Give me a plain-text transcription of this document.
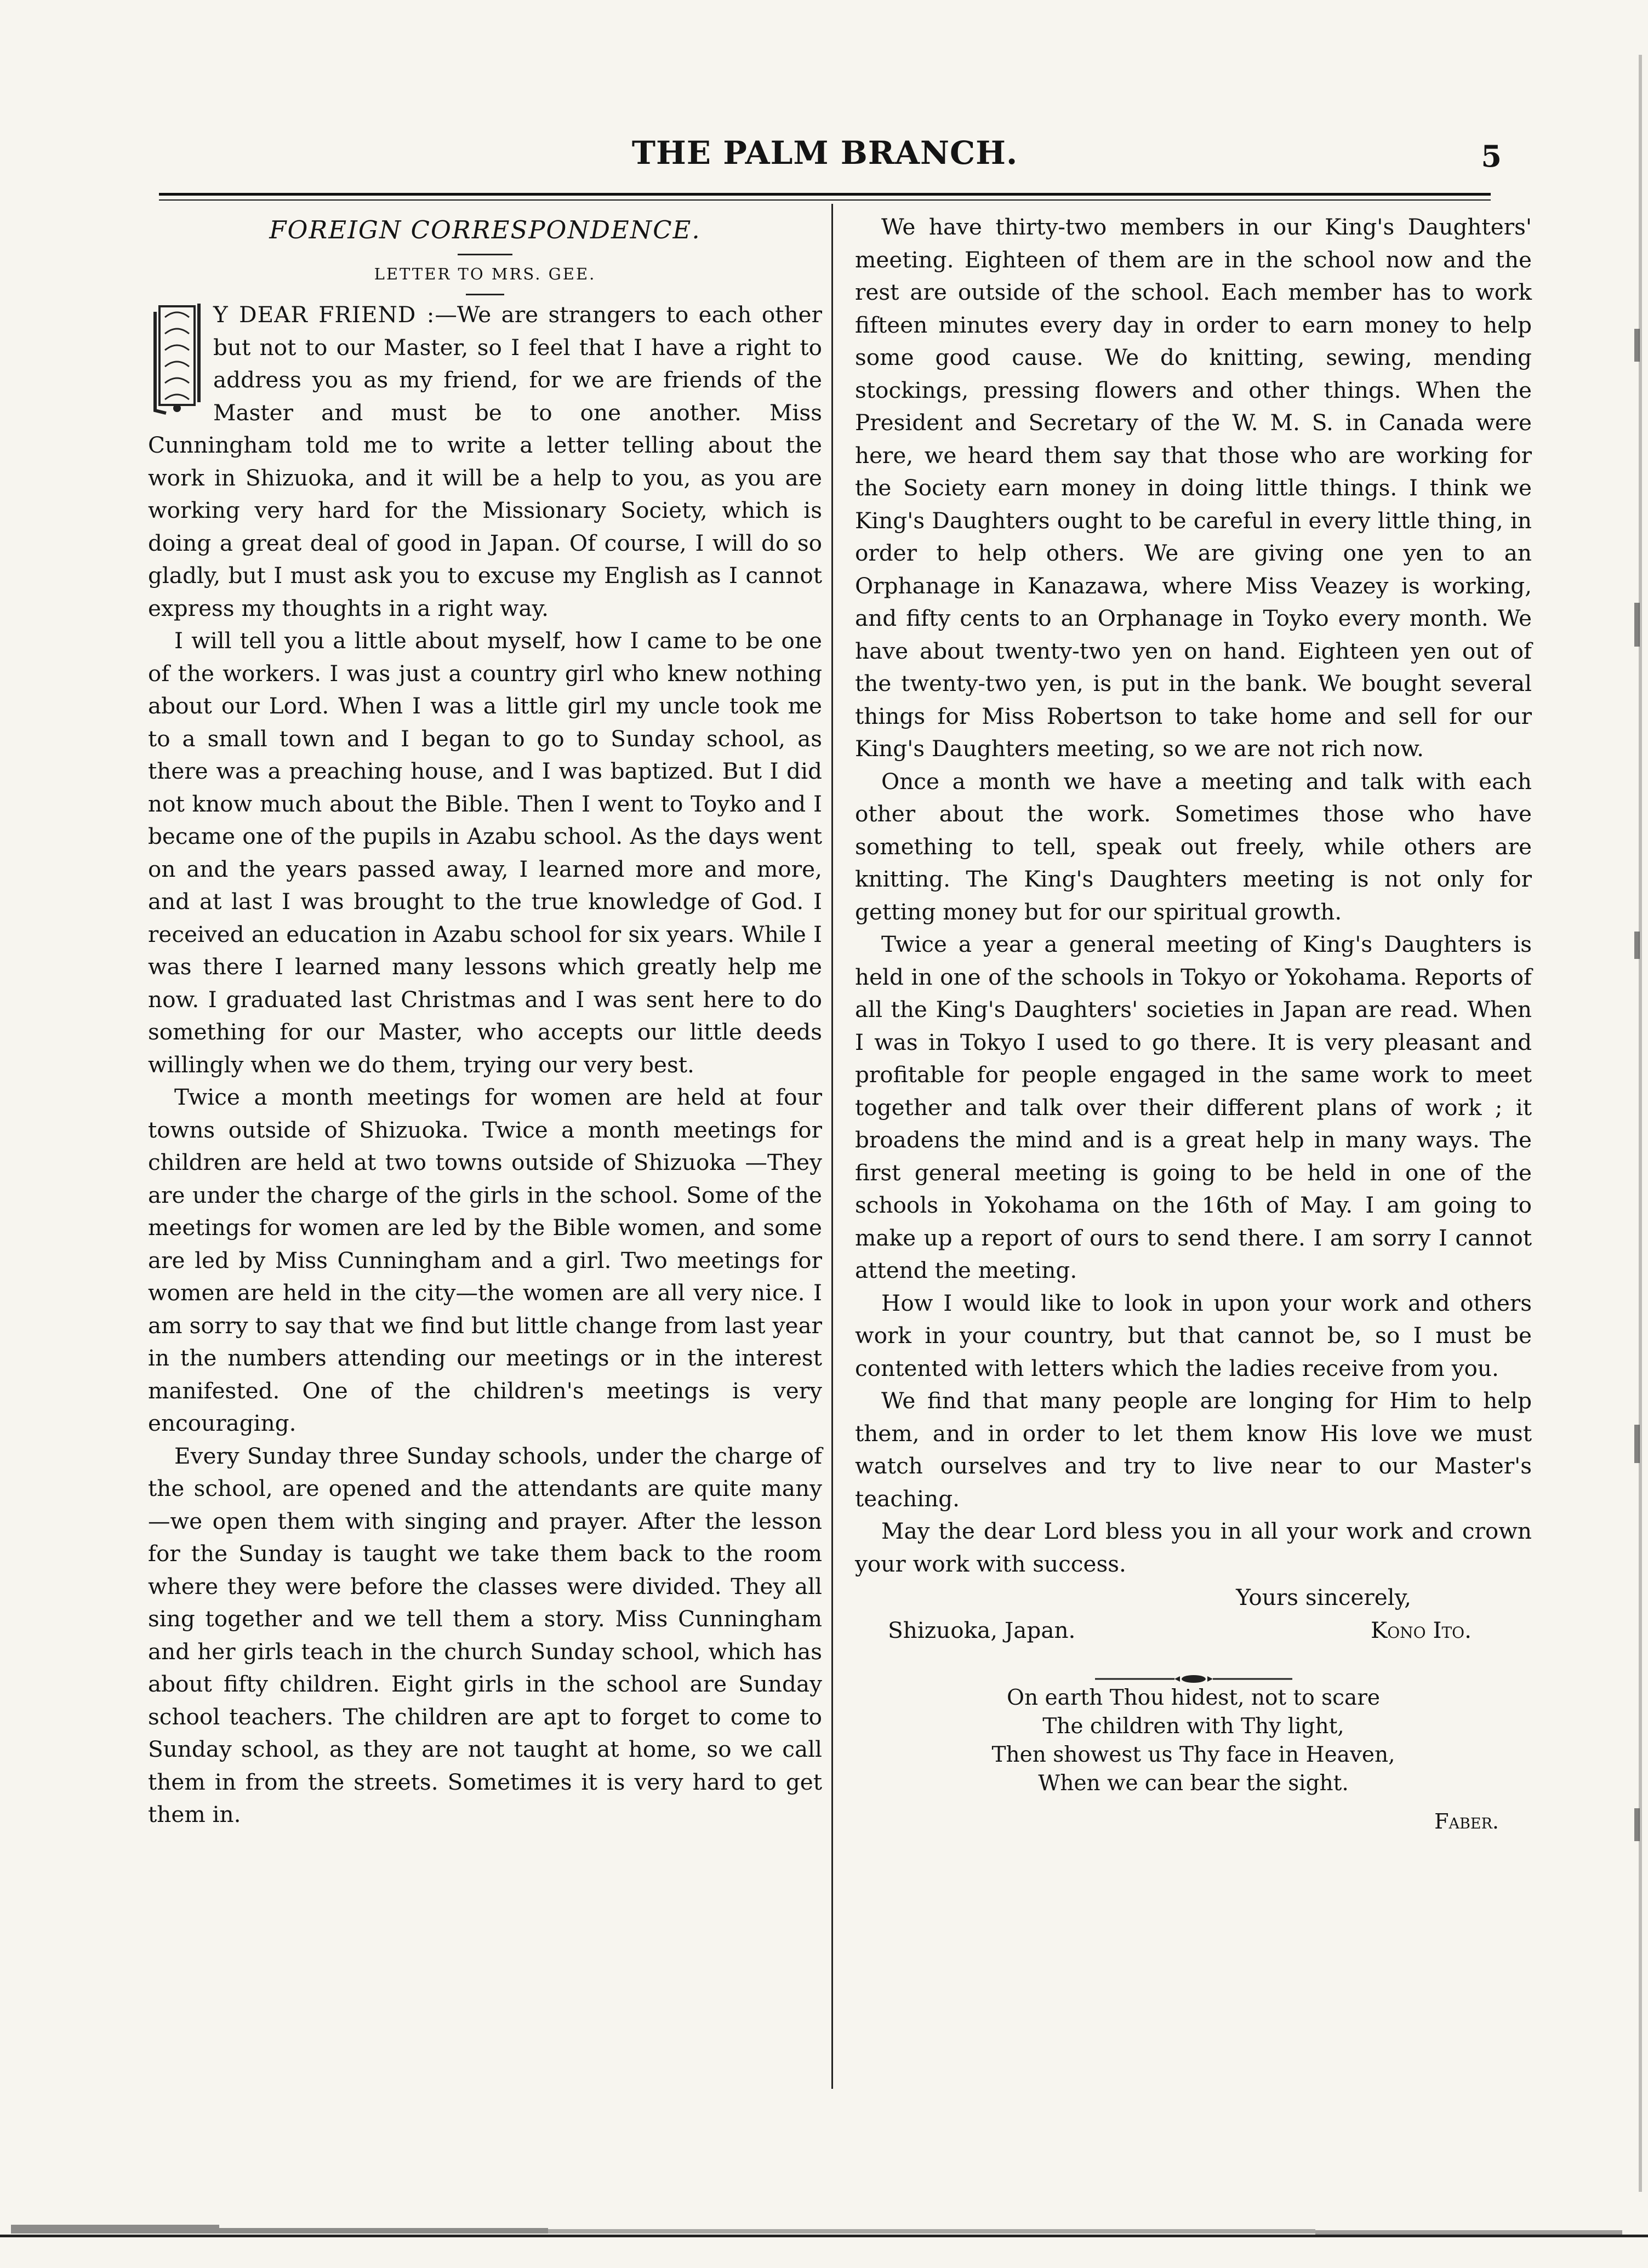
THE PALM BRANCH.	5
FOREIGN CORRESPONDENCE.
LETTER TO MRS. GEE.

Y DEAR FRIEND :—We are strangers to each other but not to our Master, so I feel that I have a right to address you as my friend, for we are friends of the Master and must be to one another. Miss Cunningham told me to write a letter telling about the work in Shizuoka, and it will be a help to you, as you are working very hard for the Missionary Society, which is doing a great deal of good in Japan. Of course, I will do so gladly, but I must ask you to excuse my English as I cannot express my thoughts in a right way.

I will tell you a little about myself, how I came to be one of the workers. I was just a country girl who knew nothing about our Lord. When I was a little girl my uncle took me to a small town and I began to go to Sunday school, as there was a preaching house, and I was baptized. But I did not know much about the Bible. Then I went to Toyko and I became one of the pupils in Azabu school. As the days went on and the years passed away, I learned more and more, and at last I was brought to the true knowledge of God. I received an education in Azabu school for six years. While I was there I learned many lessons which greatly help me now. I graduated last Christmas and I was sent here to do something for our Master, who accepts our little deeds willingly when we do them, trying our very best.

Twice a month meetings for women are held at four towns outside of Shizuoka. Twice a month meetings for children are held at two towns outside of Shizuoka —They are under the charge of the girls in the school. Some of the meetings for women are led by the Bible women, and some are led by Miss Cunningham and a girl. Two meetings for women are held in the city—the women are all very nice. I am sorry to say that we find but little change from last year in the numbers attending our meetings or in the interest manifested. One of the children's meetings is very encouraging.

Every Sunday three Sunday schools, under the charge of the school, are opened and the attendants are quite many—we open them with singing and prayer. After the lesson for the Sunday is taught we take them back to the room where they were before the classes were divided. They all sing together and we tell them a story. Miss Cunningham and her girls teach in the church Sunday school, which has about fifty children. Eight girls in the school are Sunday school teachers. The children are apt to forget to come to Sunday school, as they are not taught at home, so we call them in from the streets. Sometimes it is very hard to get them in.

We have thirty-two members in our King's Daughters' meeting. Eighteen of them are in the school now and the rest are outside of the school. Each member has to work fifteen minutes every day in order to earn money to help some good cause. We do knitting, sewing, mending stockings, pressing flowers and other things. When the President and Secretary of the W. M. S. in Canada were here, we heard them say that those who are working for the Society earn money in doing little things. I think we King's Daughters ought to be careful in every little thing, in order to help others. We are giving one yen to an Orphanage in Kanazawa, where Miss Veazey is working, and fifty cents to an Orphanage in Toyko every month. We have about twenty-two yen on hand. Eighteen yen out of the twenty-two yen, is put in the bank. We bought several things for Miss Robertson to take home and sell for our King's Daughters meeting, so we are not rich now.

Once a month we have a meeting and talk with each other about the work. Sometimes those who have something to tell, speak out freely, while others are knitting. The King's Daughters meeting is not only for getting money but for our spiritual growth.

Twice a year a general meeting of King's Daughters is held in one of the schools in Tokyo or Yokohama. Reports of all the King's Daughters' societies in Japan are read. When I was in Tokyo I used to go there. It is very pleasant and profitable for people engaged in the same work to meet together and talk over their different plans of work ; it broadens the mind and is a great help in many ways. The first general meeting is going to be held in one of the schools in Yokohama on the 16th of May. I am going to make up a report of ours to send there. I am sorry I cannot attend the meeting.

How I would like to look in upon your work and others work in your country, but that cannot be, so I must be contented with letters which the ladies receive from you.

We find that many people are longing for Him to help them, and in order to let them know His love we must watch ourselves and try to live near to our Master's teaching.

May the dear Lord bless you in all your work and crown your work with success.

Yours sincerely,
Shizuoka, Japan.	Kono Ito.
On earth Thou hidest, not to scare
The children with Thy light,
Then showest us Thy face in Heaven,
When we can bear the sight.
Faber.
